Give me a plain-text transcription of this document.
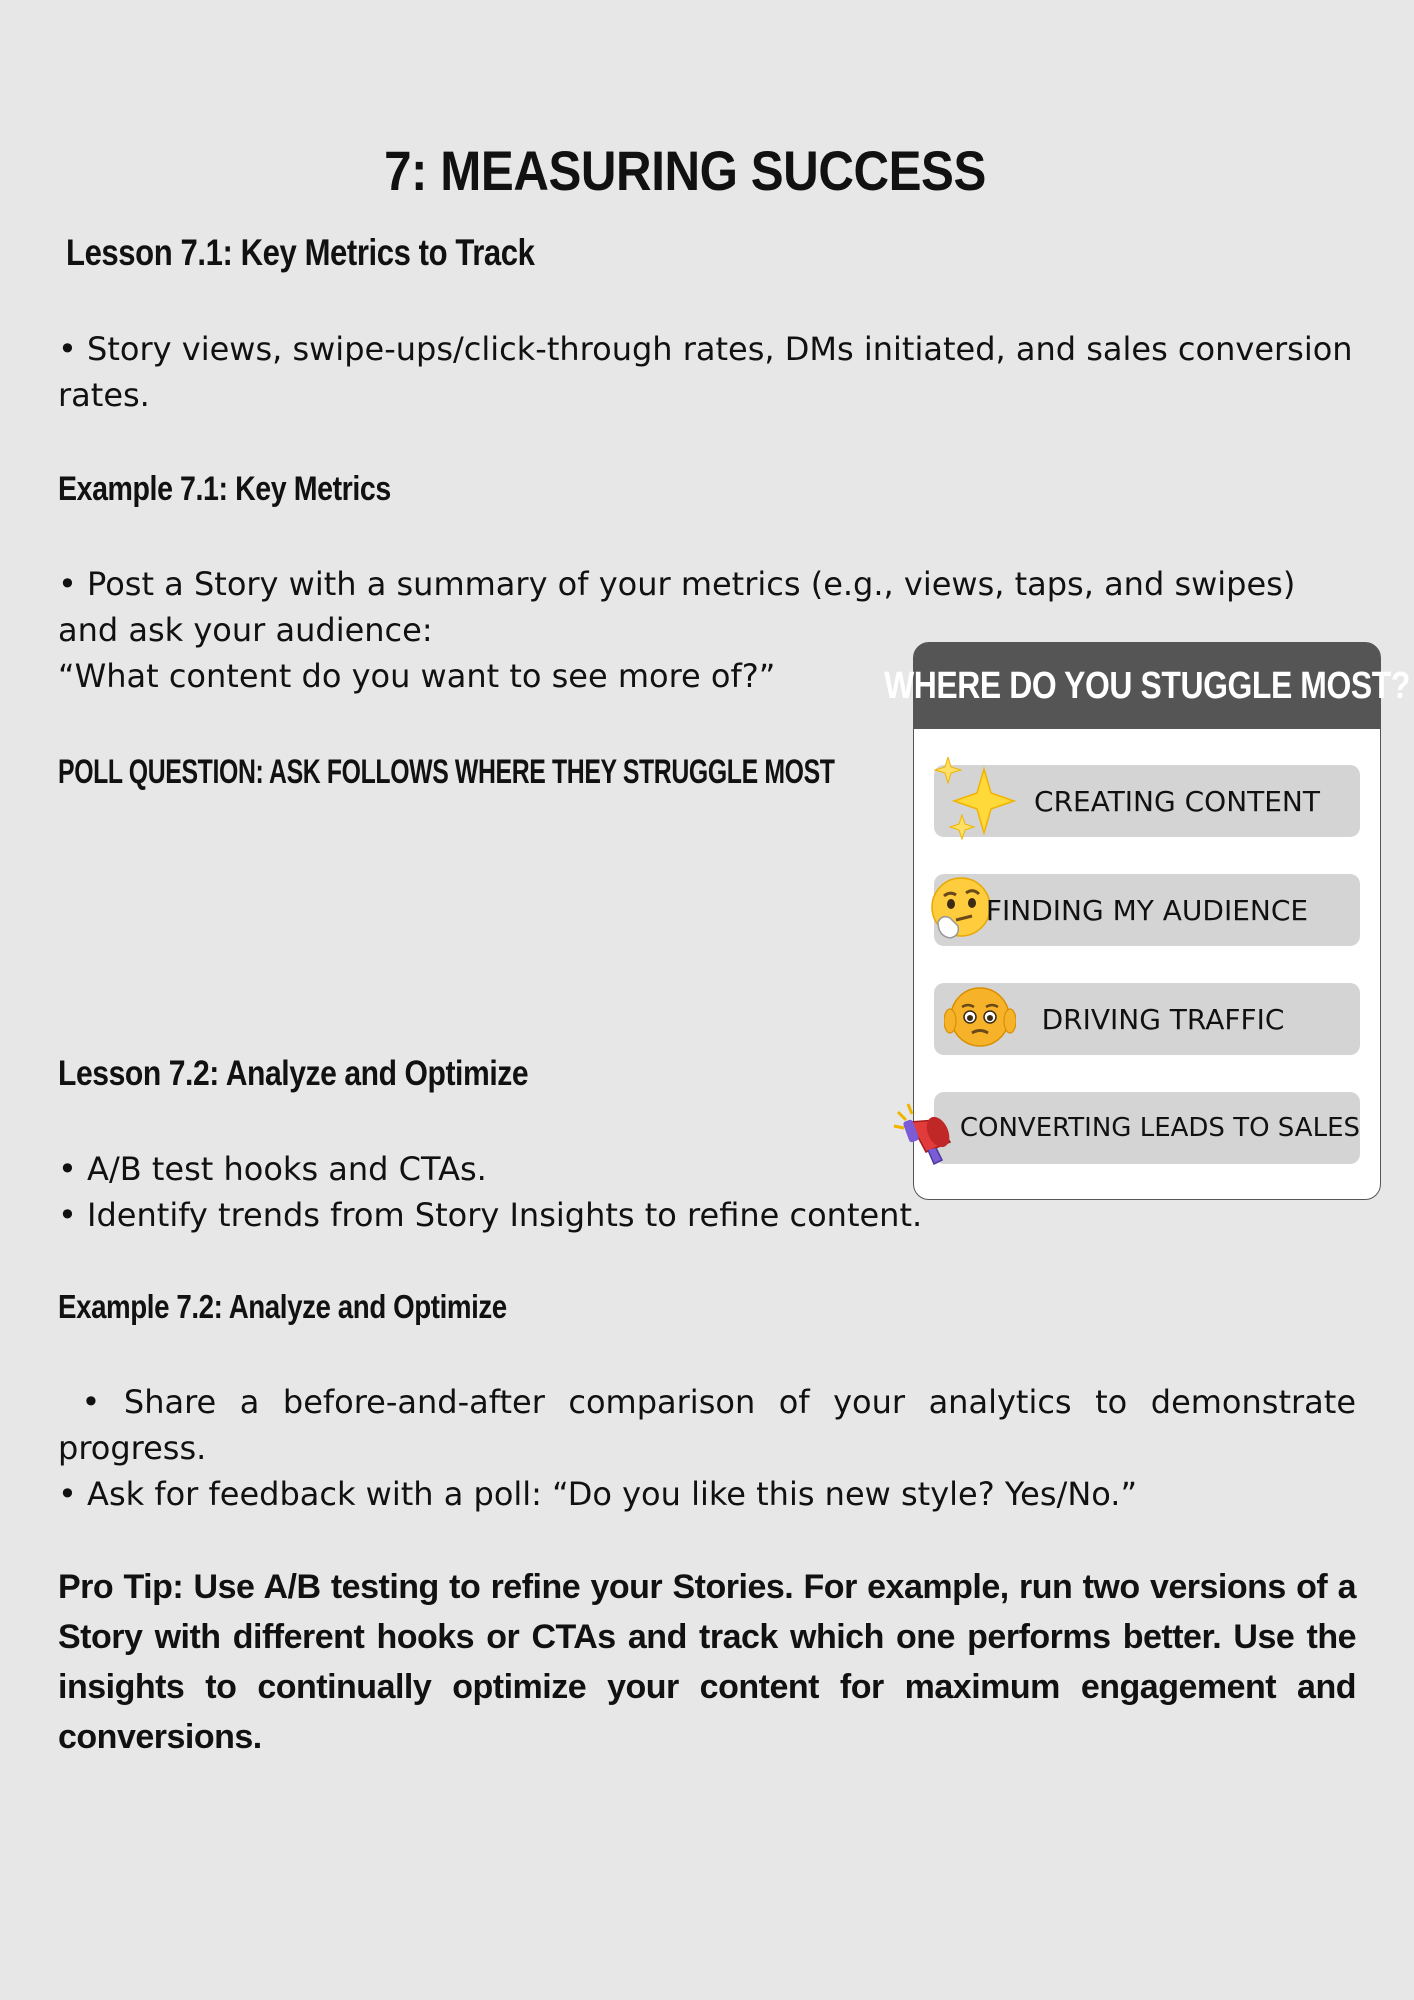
7: MEASURING SUCCESS
Lesson 7.1: Key Metrics to Track

• Story views, swipe-ups/click-through rates, DMs initiated, and sales conversion rates.

Example 7.1: Key Metrics

• Post a Story with a summary of your metrics (e.g., views, taps, and swipes) and ask your audience:
“What content do you want to see more of?”

POLL QUESTION: ASK FOLLOWS WHERE THEY STRUGGLE MOST
WHERE DO YOU STUGGLE MOST?
CREATING CONTENT
FINDING MY AUDIENCE
DRIVING TRAFFIC
CONVERTING LEADS TO SALES
Lesson 7.2: Analyze and Optimize

• A/B test hooks and CTAs.
• Identify trends from Story Insights to refine content.

Example 7.2: Analyze and Optimize

• Share a before-and-after comparison of your analytics to demonstrate progress.
• Ask for feedback with a poll: “Do you like this new style? Yes/No.”

Pro Tip: Use A/B testing to refine your Stories. For example, run two versions of a Story with different hooks or CTAs and track which one performs better. Use the insights to continually optimize your content for maximum engagement and conversions.
